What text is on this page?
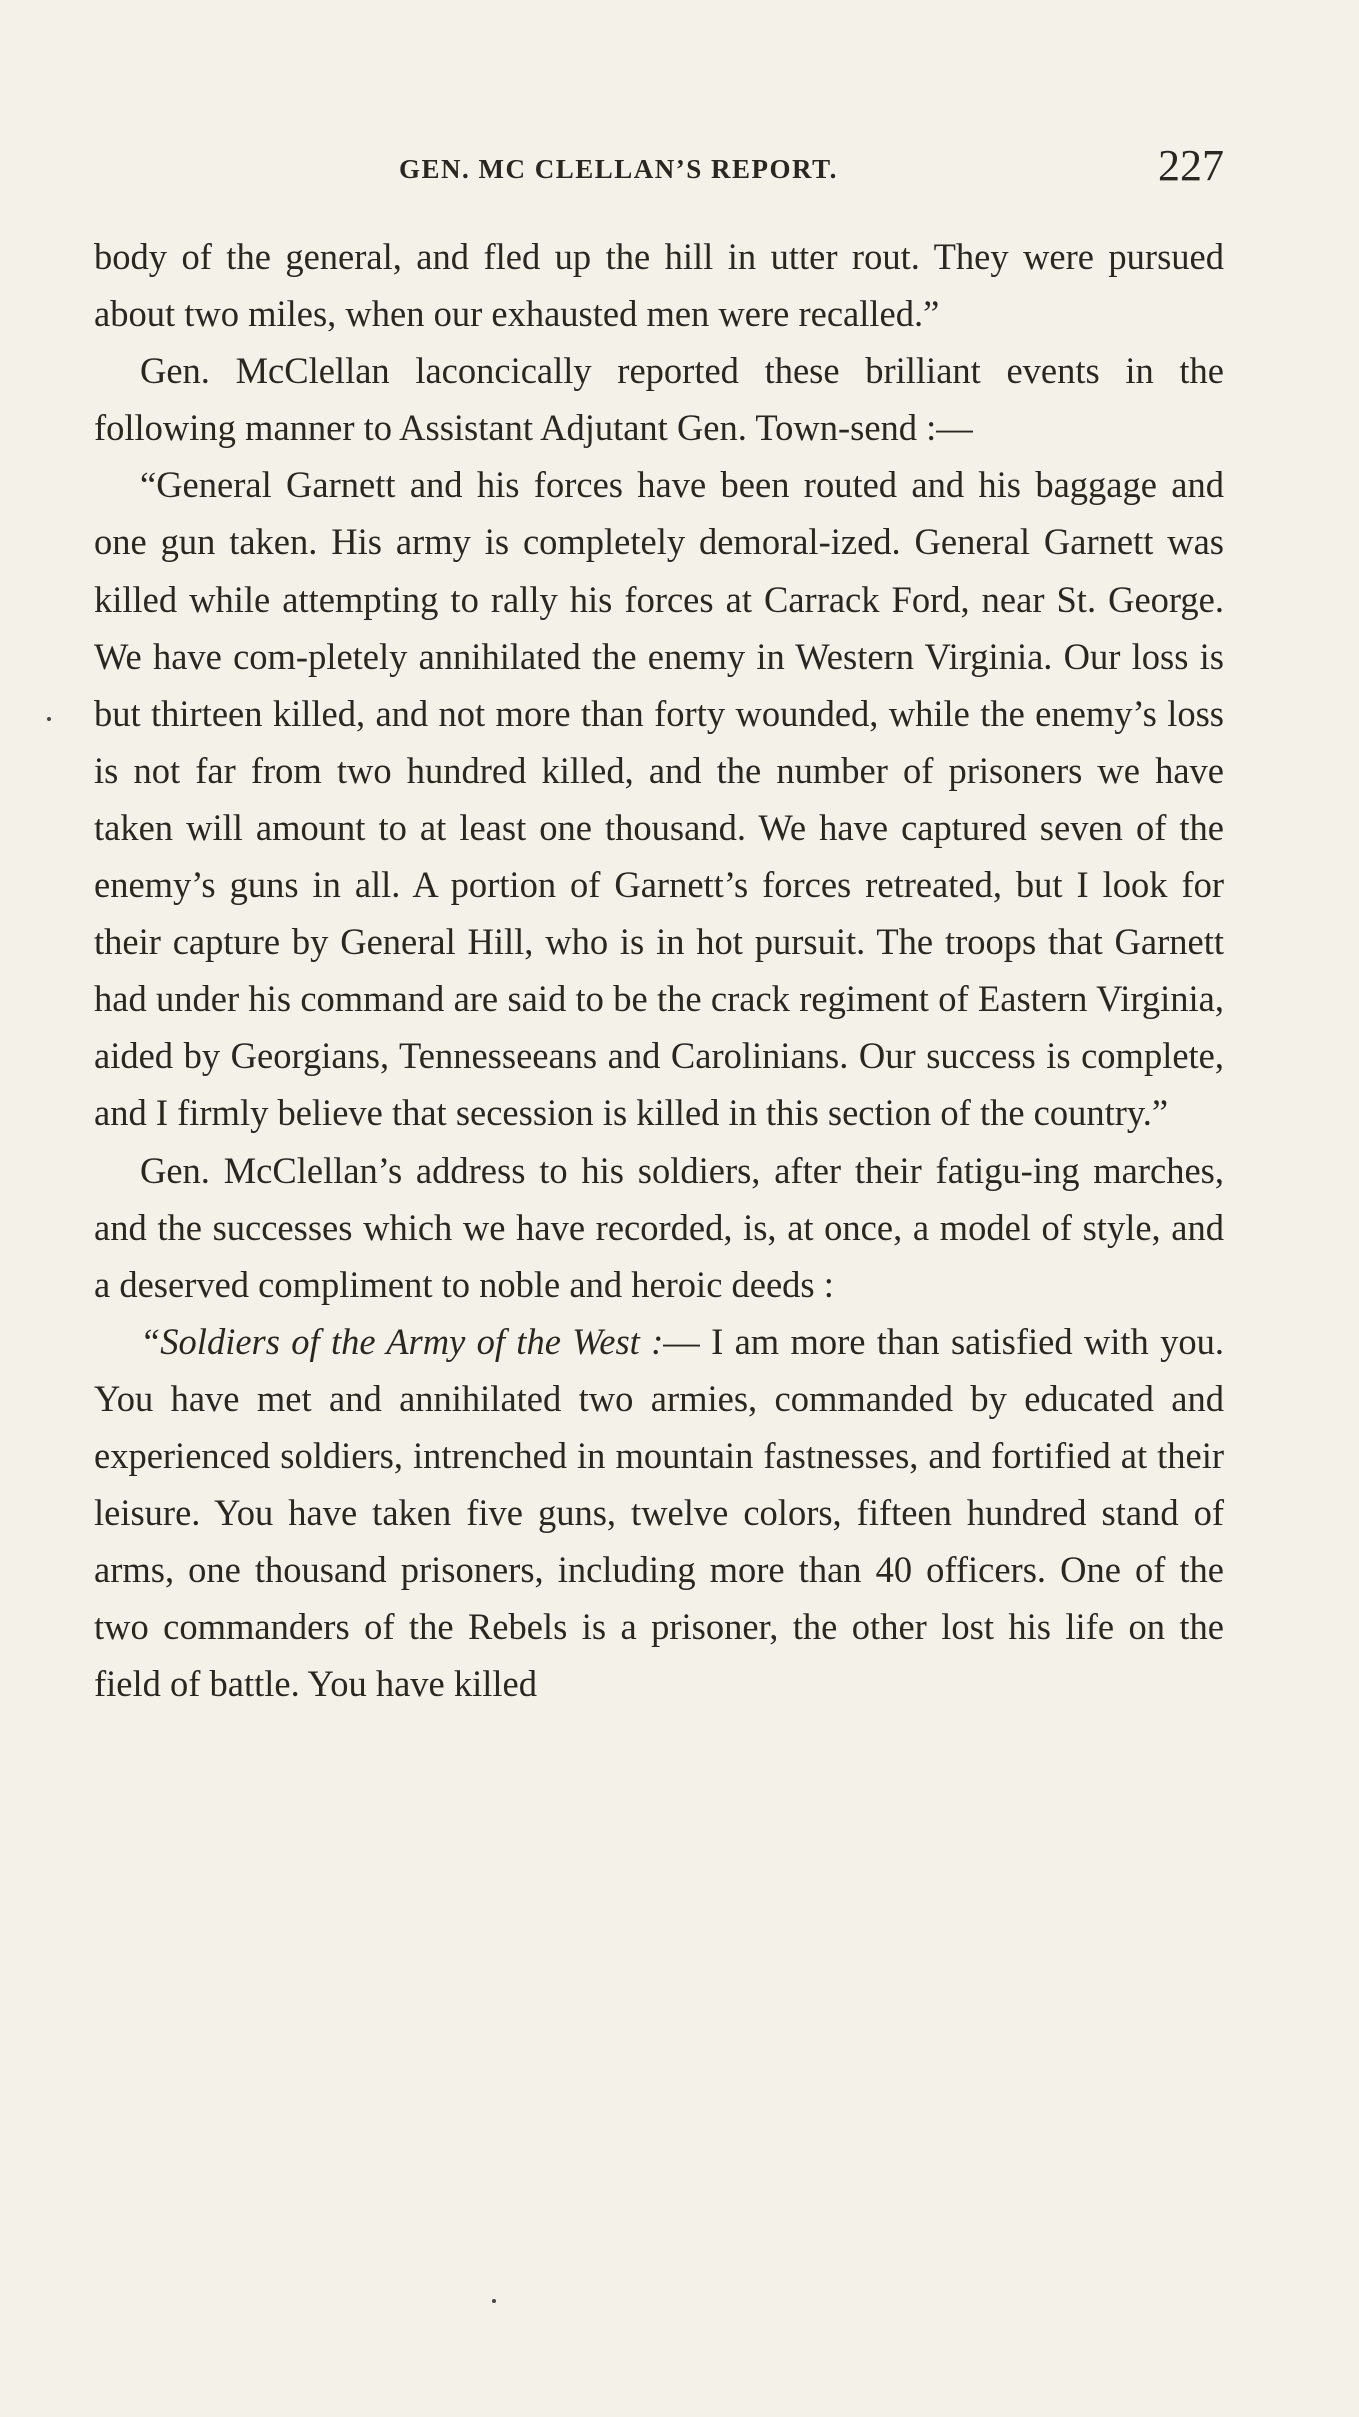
GEN. MC CLELLAN’S REPORT.	227

body of the general, and fled up the hill in utter rout. They were pursued about two miles, when our exhausted men were recalled.”

Gen. McClellan laconcically reported these brilliant events in the following manner to Assistant Adjutant Gen. Town-send :—

“General Garnett and his forces have been routed and his baggage and one gun taken. His army is completely demoral-ized. General Garnett was killed while attempting to rally his forces at Carrack Ford, near St. George. We have com-pletely annihilated the enemy in Western Virginia. Our loss is but thirteen killed, and not more than forty wounded, while the enemy’s loss is not far from two hundred killed, and the number of prisoners we have taken will amount to at least one thousand. We have captured seven of the enemy’s guns in all. A portion of Garnett’s forces retreated, but I look for their capture by General Hill, who is in hot pursuit. The troops that Garnett had under his command are said to be the crack regiment of Eastern Virginia, aided by Georgians, Tennesseeans and Carolinians. Our success is complete, and I firmly believe that secession is killed in this section of the country.”

Gen. McClellan’s address to his soldiers, after their fatigu-ing marches, and the successes which we have recorded, is, at once, a model of style, and a deserved compliment to noble and heroic deeds :

“Soldiers of the Army of the West :— I am more than satisfied with you. You have met and annihilated two armies, commanded by educated and experienced soldiers, intrenched in mountain fastnesses, and fortified at their leisure. You have taken five guns, twelve colors, fifteen hundred stand of arms, one thousand prisoners, including more than 40 officers. One of the two commanders of the Rebels is a prisoner, the other lost his life on the field of battle. You have killed
